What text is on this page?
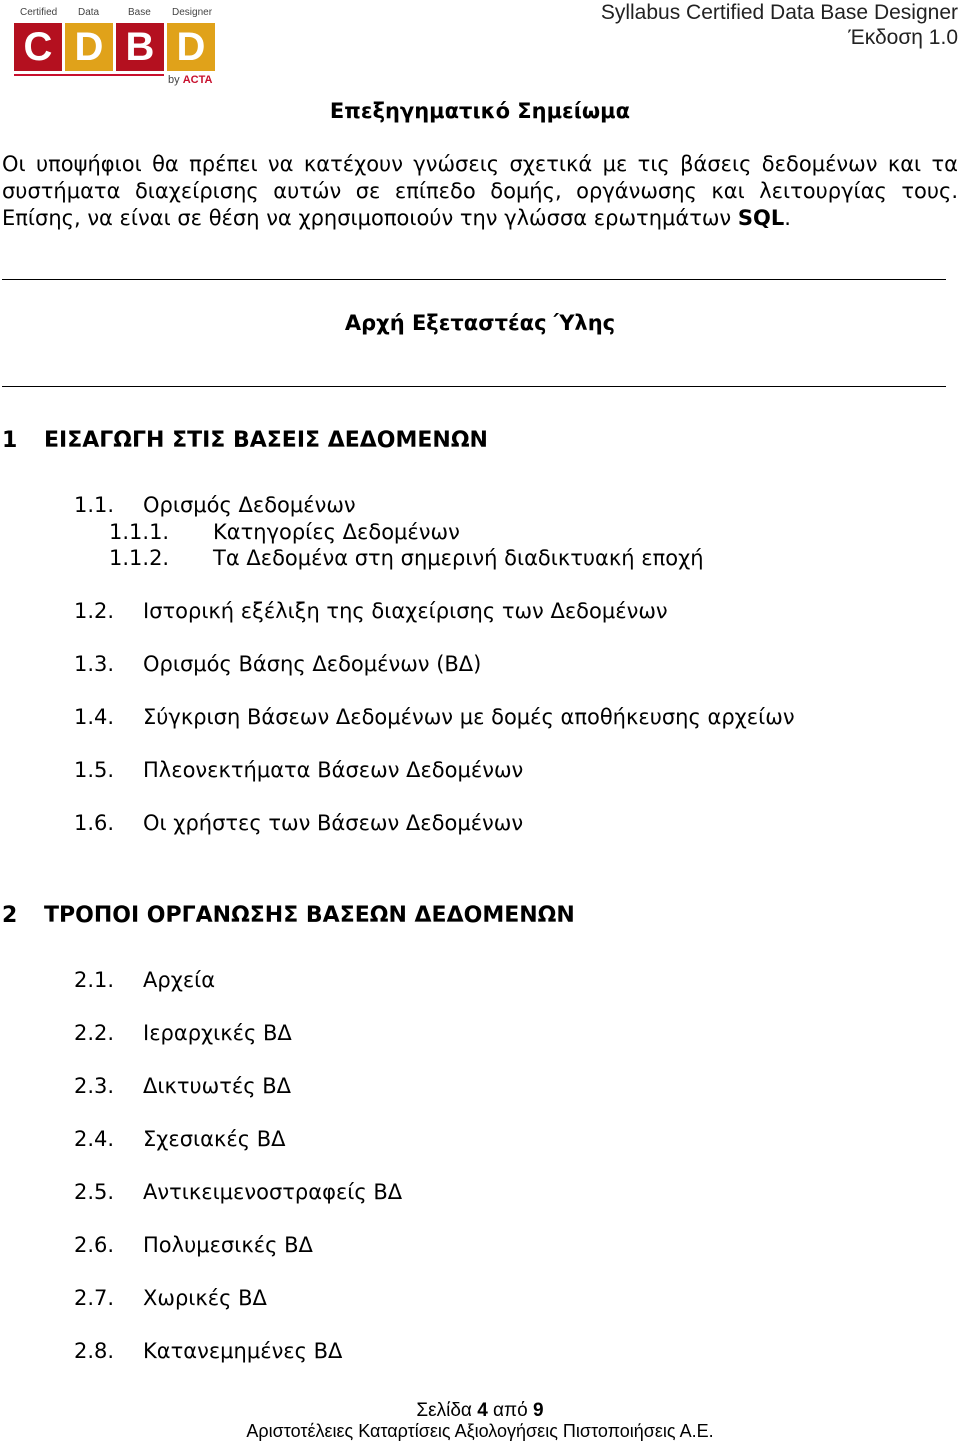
Certified Data	Base Designer
C D B D
by ACTA
Syllabus Certified Data Base Designer
Έκδοση 1.0
Επεξηγηματικό Σημείωμα
Οι υποψήφιοι θα πρέπει να κατέχουν γνώσεις σχετικά με τις βάσεις δεδομένων και τα
συστήματα διαχείρισης αυτών σε επίπεδο δομής, οργάνωσης και λειτουργίας τους.
Επίσης, να είναι σε θέση να χρησιμοποιούν την γλώσσα ερωτημάτων SQL.
Αρχή Εξεταστέας Ύλης
1 ΕΙΣΑΓΩΓΗ ΣΤΙΣ ΒΑΣΕΙΣ ΔΕΔΟΜΕΝΩΝ
1.1. Ορισμός Δεδομένων
1.1.1. Κατηγορίες Δεδομένων
1.1.2. Τα Δεδομένα στη σημερινή διαδικτυακή εποχή
1.2. Ιστορική εξέλιξη της διαχείρισης των Δεδομένων
1.3. Ορισμός Βάσης Δεδομένων (ΒΔ)
1.4. Σύγκριση Βάσεων Δεδομένων με δομές αποθήκευσης αρχείων
1.5. Πλεονεκτήματα Βάσεων Δεδομένων
1.6. Οι χρήστες των Βάσεων Δεδομένων
2 ΤΡΟΠΟΙ ΟΡΓΑΝΩΣΗΣ ΒΑΣΕΩΝ ΔΕΔΟΜΕΝΩΝ
2.1. Αρχεία
2.2. Ιεραρχικές ΒΔ
2.3. Δικτυωτές ΒΔ
2.4. Σχεσιακές ΒΔ
2.5. Αντικειμενοστραφείς ΒΔ
2.6. Πολυμεσικές ΒΔ
2.7. Χωρικές ΒΔ
2.8. Κατανεμημένες ΒΔ
Σελίδα 4 από 9
Αριστοτέλειες Καταρτίσεις Αξιολογήσεις Πιστοποιήσεις Α.Ε.
